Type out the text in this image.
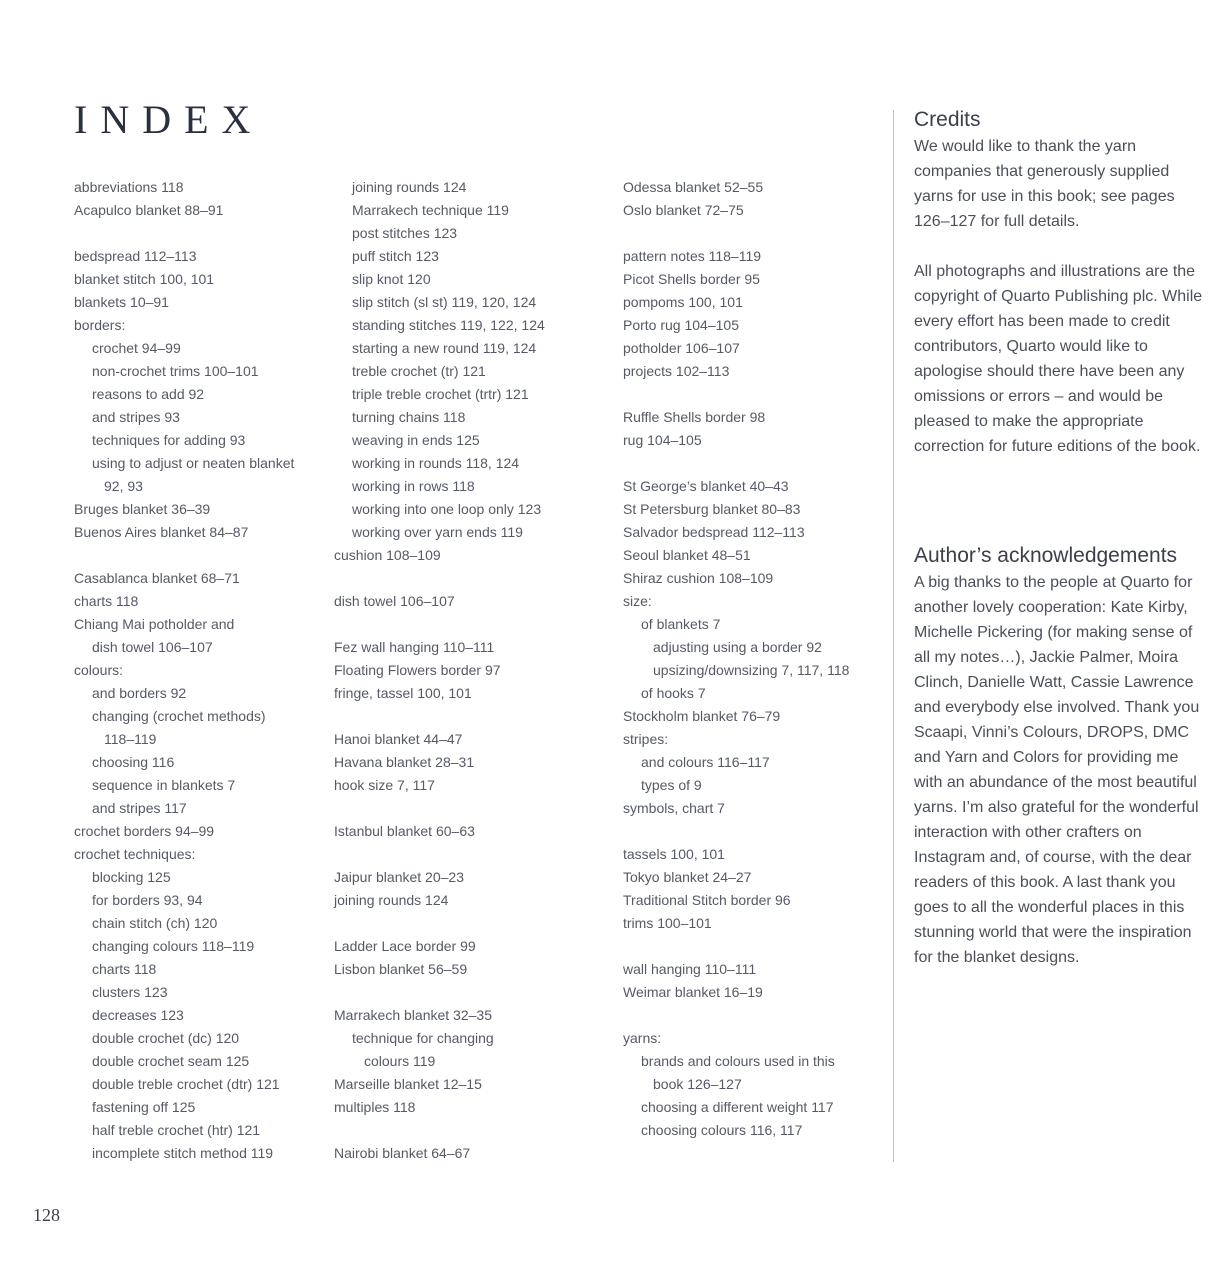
INDEX
abbreviations 118
Acapulco blanket 88–91
bedspread 112–113
blanket stitch 100, 101
blankets 10–91
borders:
crochet 94–99
non-crochet trims 100–101
reasons to add 92
and stripes 93
techniques for adding 93
using to adjust or neaten blanket
92, 93
Bruges blanket 36–39
Buenos Aires blanket 84–87
Casablanca blanket 68–71
charts 118
Chiang Mai potholder and
dish towel 106–107
colours:
and borders 92
changing (crochet methods)
118–119
choosing 116
sequence in blankets 7
and stripes 117
crochet borders 94–99
crochet techniques:
blocking 125
for borders 93, 94
chain stitch (ch) 120
changing colours 118–119
charts 118
clusters 123
decreases 123
double crochet (dc) 120
double crochet seam 125
double treble crochet (dtr) 121
fastening off 125
half treble crochet (htr) 121
incomplete stitch method 119
joining rounds 124
Marrakech technique 119
post stitches 123
puff stitch 123
slip knot 120
slip stitch (sl st) 119, 120, 124
standing stitches 119, 122, 124
starting a new round 119, 124
treble crochet (tr) 121
triple treble crochet (trtr) 121
turning chains 118
weaving in ends 125
working in rounds 118, 124
working in rows 118
working into one loop only 123
working over yarn ends 119
cushion 108–109
dish towel 106–107
Fez wall hanging 110–111
Floating Flowers border 97
fringe, tassel 100, 101
Hanoi blanket 44–47
Havana blanket 28–31
hook size 7, 117
Istanbul blanket 60–63
Jaipur blanket 20–23
joining rounds 124
Ladder Lace border 99
Lisbon blanket 56–59
Marrakech blanket 32–35
technique for changing
colours 119
Marseille blanket 12–15
multiples 118
Nairobi blanket 64–67
Odessa blanket 52–55
Oslo blanket 72–75
pattern notes 118–119
Picot Shells border 95
pompoms 100, 101
Porto rug 104–105
potholder 106–107
projects 102–113
Ruffle Shells border 98
rug 104–105
St George’s blanket 40–43
St Petersburg blanket 80–83
Salvador bedspread 112–113
Seoul blanket 48–51
Shiraz cushion 108–109
size:
of blankets 7
adjusting using a border 92
upsizing/downsizing 7, 117, 118
of hooks 7
Stockholm blanket 76–79
stripes:
and colours 116–117
types of 9
symbols, chart 7
tassels 100, 101
Tokyo blanket 24–27
Traditional Stitch border 96
trims 100–101
wall hanging 110–111
Weimar blanket 16–19
yarns:
brands and colours used in this
book 126–127
choosing a different weight 117
choosing colours 116, 117
Credits

We would like to thank the yarn companies that generously supplied yarns for use in this book; see pages 126–127 for full details.

All photographs and illustrations are the copyright of Quarto Publishing plc. While every effort has been made to credit contributors, Quarto would like to apologise should there have been any omissions or errors – and would be pleased to make the appropriate correction for future editions of the book.

Author’s acknowledgements

A big thanks to the people at Quarto for another lovely cooperation: Kate Kirby, Michelle Pickering (for making sense of all my notes…), Jackie Palmer, Moira Clinch, Danielle Watt, Cassie Lawrence and everybody else involved. Thank you Scaapi, Vinni’s Colours, DROPS, DMC and Yarn and Colors for providing me with an abundance of the most beautiful yarns. I’m also grateful for the wonderful interaction with other crafters on Instagram and, of course, with the dear readers of this book. A last thank you goes to all the wonderful places in this stunning world that were the inspiration for the blanket designs.

128
